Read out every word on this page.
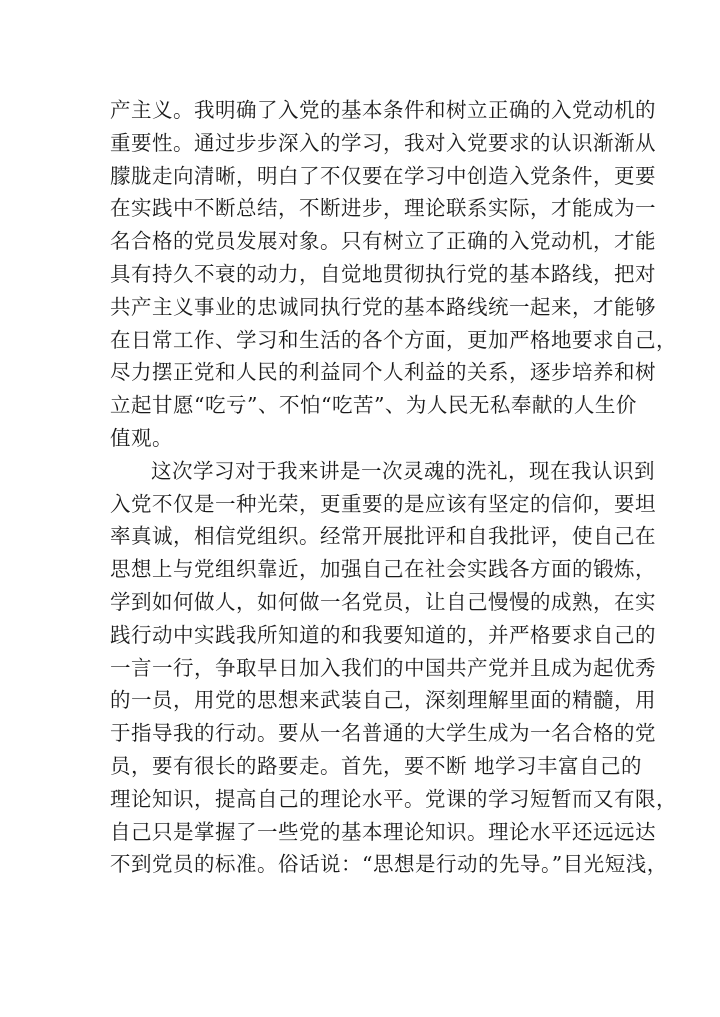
产主义。我明确了入党的基本条件和树立正确的入党动机的
重要性。通过步步深入的学习，我对入党要求的认识渐渐从
朦胧走向清晰，明白了不仅要在学习中创造入党条件，更要
在实践中不断总结，不断进步，理论联系实际，才能成为一
名合格的党员发展对象。只有树立了正确的入党动机，才能
具有持久不衰的动力，自觉地贯彻执行党的基本路线，把对
共产主义事业的忠诚同执行党的基本路线统一起来，才能够
在日常工作、学习和生活的各个方面，更加严格地要求自己，
尽力摆正党和人民的利益同个人利益的关系，逐步培养和树
立起甘愿“吃亏”、不怕“吃苦”、为人民无私奉献的人生价
值观。
这次学习对于我来讲是一次灵魂的洗礼，现在我认识到
入党不仅是一种光荣，更重要的是应该有坚定的信仰，要坦
率真诚，相信党组织。经常开展批评和自我批评，使自己在
思想上与党组织靠近，加强自己在社会实践各方面的锻炼，
学到如何做人，如何做一名党员，让自己慢慢的成熟，在实
践行动中实践我所知道的和我要知道的，并严格要求自己的
一言一行，争取早日加入我们的中国共产党并且成为起优秀
的一员，用党的思想来武装自己，深刻理解里面的精髓，用
于指导我的行动。要从一名普通的大学生成为一名合格的党
员，要有很长的路要走。首先，要不断 地学习丰富自己的
理论知识，提高自己的理论水平。党课的学习短暂而又有限，
自己只是掌握了一些党的基本理论知识。理论水平还远远达
不到党员的标准。俗话说：“思想是行动的先导。”目光短浅，
